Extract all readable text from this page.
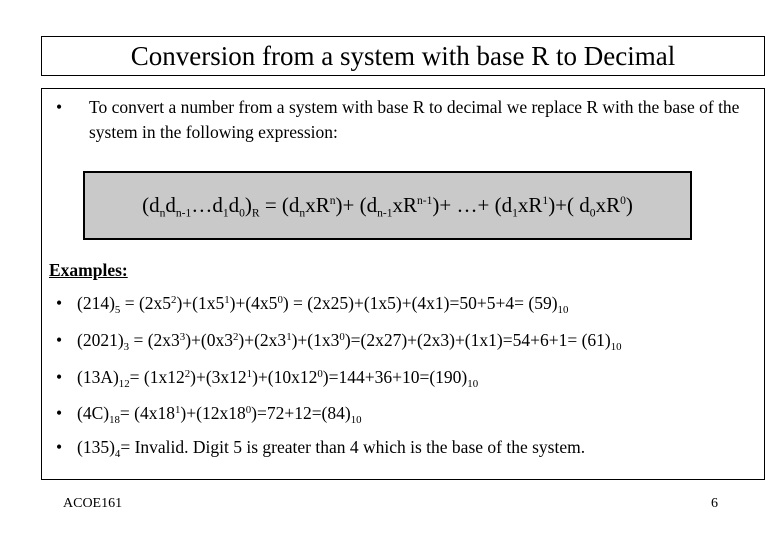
Conversion from a system with base R to Decimal
• To convert a number from a system with base R to decimal we replace R with the base of the system in the following expression:
$(d_nd_{n-1}\dots d_1d_0)_R = (d_nxR^n)+ (d_{n-1}xR^{n-1})+$ …+ $(d_1xR^1)+$( $d_0xR^0$)
Examples:
• $(214)_5 = (2x5^2)+(1x5^1)+(4x5^0) = (2x25)+(1x5)+(4x1)=50+5+4= (59)_{10}$
• $(2021)_3 = (2x3^3)+(0x3^2)+(2x3^1)+(1x3^0)=(2x27)+(2x3)+(1x1)=54+6+1= (61)_{10}$
• $(13A)_{12}= (1x12^2)+(3x12^1)+(10x12^0)=144+36+10=(190)_{10}$
• $(4C)_{18}= (4x18^1)+(12x18^0)=72+12=(84)_{10}$
• $(135)_4=$ Invalid. Digit 5 is greater than 4 which is the base of the system.
ACOE161	6
